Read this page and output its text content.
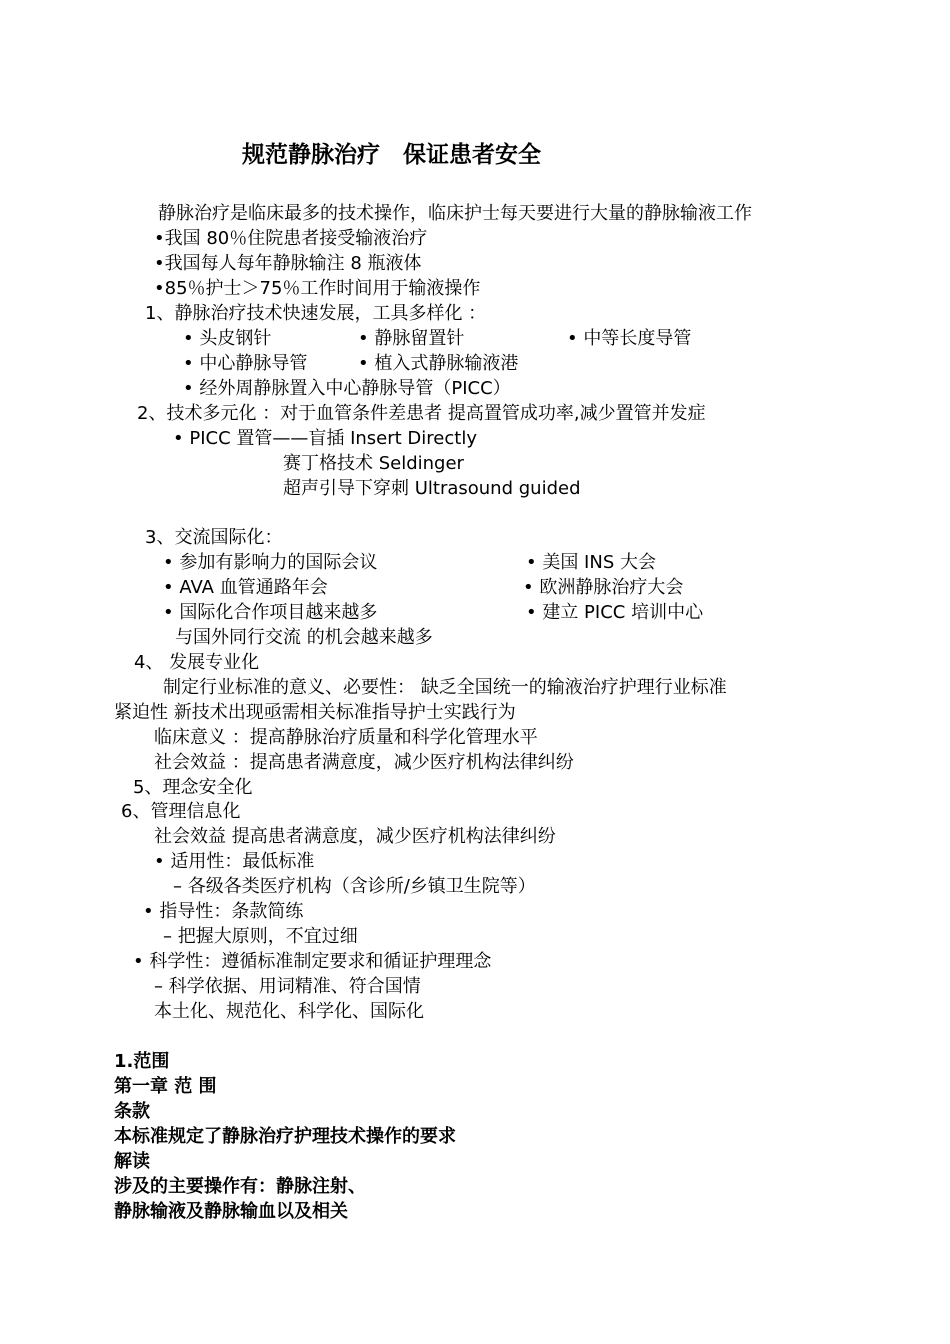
规范静脉治疗　保证患者安全
静脉治疗是临床最多的技术操作，临床护士每天要进行大量的静脉输液工作
•我国 80％住院患者接受输液治疗
•我国每人每年静脉输注 8 瓶液体
•85％护士＞75％工作时间用于输液操作
1、静脉治疗技术快速发展，工具多样化 ：
• 头皮钢针	• 静脉留置针	• 中等长度导管
• 中心静脉导管	• 植入式静脉输液港
• 经外周静脉置入中心静脉导管（PICC）
2、技术多元化 ：对于血管条件差患者 提高置管成功率,减少置管并发症
• PICC 置管——盲插 Insert Directly
赛丁格技术 Seldinger
超声引导下穿刺 Ultrasound guided
3、交流国际化：
• 参加有影响力的国际会议	• 美国 INS 大会
• AVA 血管通路年会	• 欧洲静脉治疗大会
• 国际化合作项目越来越多	• 建立 PICC 培训中心
与国外同行交流 的机会越来越多
4、 发展专业化
制定行业标准的意义、必要性： 缺乏全国统一的输液治疗护理行业标准
紧迫性 新技术出现亟需相关标准指导护士实践行为
临床意义 ：提高静脉治疗质量和科学化管理水平
社会效益 ：提高患者满意度，减少医疗机构法律纠纷
5、理念安全化
6、管理信息化
社会效益 提高患者满意度，减少医疗机构法律纠纷
• 适用性：最低标准
– 各级各类医疗机构（含诊所/乡镇卫生院等）
• 指导性：条款简练
– 把握大原则，不宜过细
• 科学性：遵循标准制定要求和循证护理理念
– 科学依据、用词精准、符合国情
本土化、规范化、科学化、国际化
1.范围
第一章 范 围
条款
本标准规定了静脉治疗护理技术操作的要求
解读
涉及的主要操作有：静脉注射、
静脉输液及静脉输血以及相关
